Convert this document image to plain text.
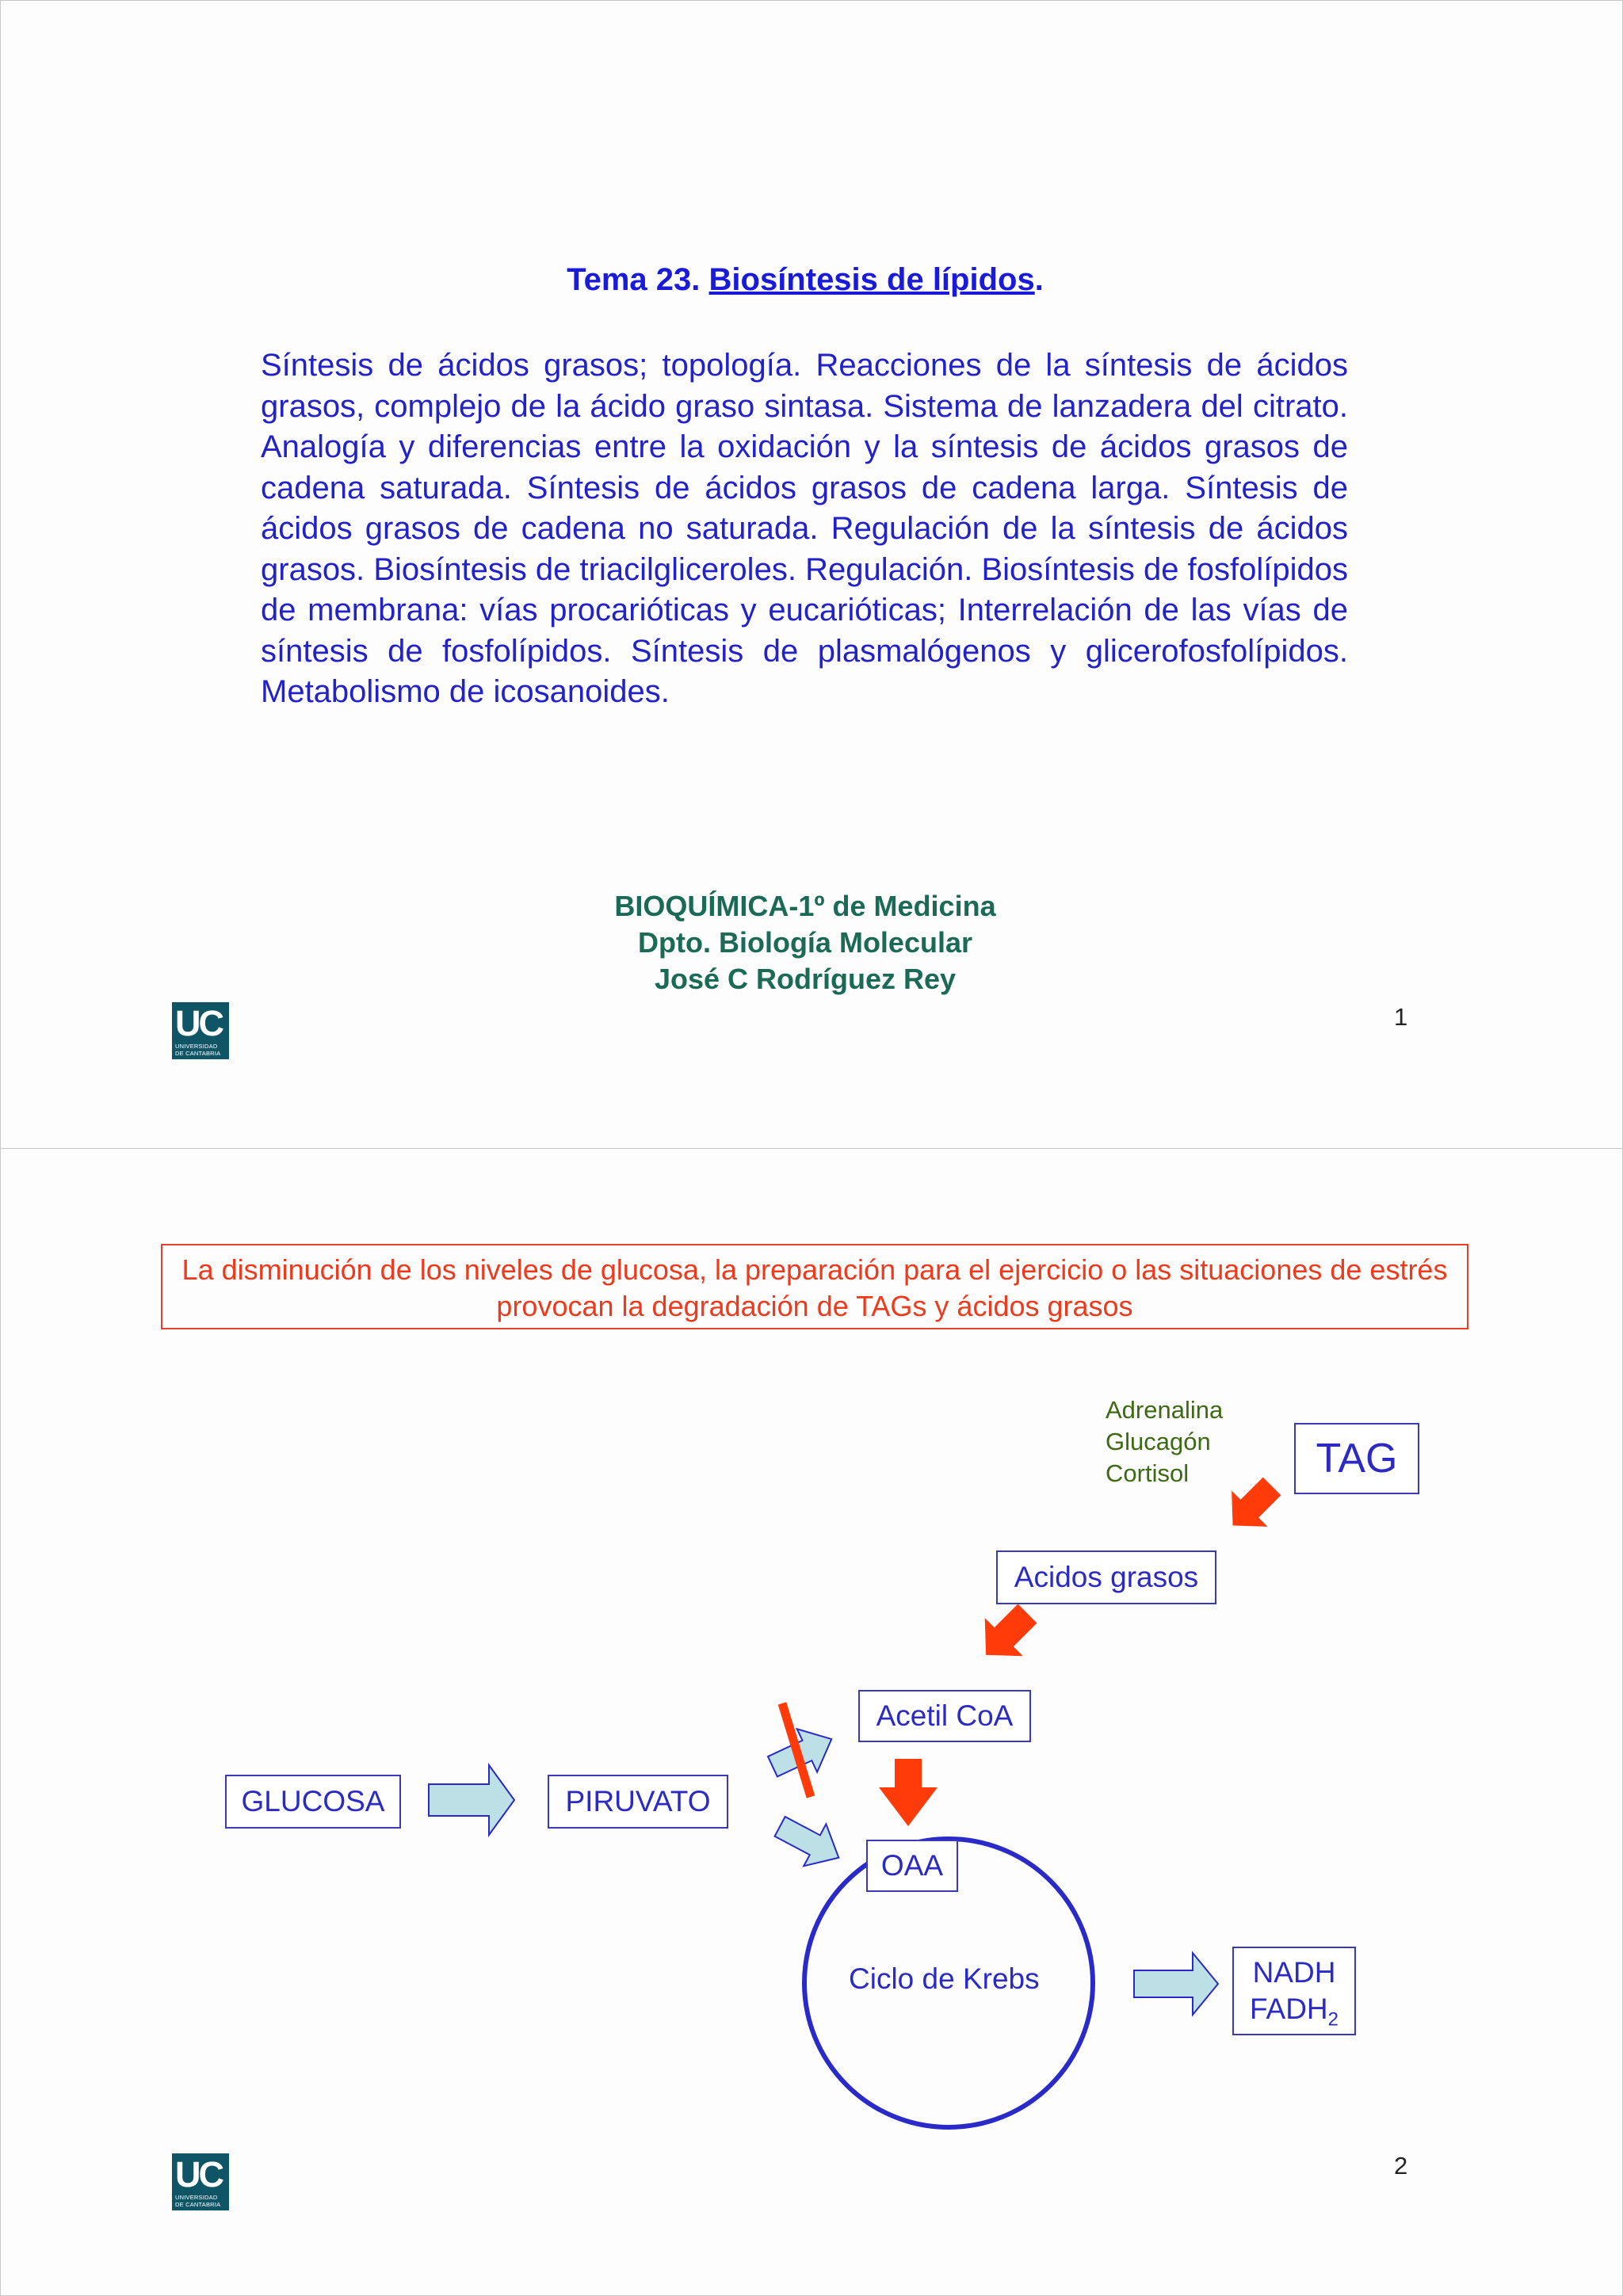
Tema 23. Biosíntesis de lípidos.
Síntesis de ácidos grasos; topología. Reacciones de la síntesis de ácidos grasos, complejo de la ácido graso sintasa. Sistema de lanzadera del citrato. Analogía y diferencias entre la oxidación y la síntesis de ácidos grasos de cadena saturada. Síntesis de ácidos grasos de cadena larga. Síntesis de ácidos grasos de cadena no saturada. Regulación de la síntesis de ácidos grasos. Biosíntesis de triacilgliceroles. Regulación. Biosíntesis de fosfolípidos de membrana: vías procarióticas y eucarióticas; Interrelación de las vías de síntesis de fosfolípidos. Síntesis de plasmalógenos y glicerofosfolípidos. Metabolismo de icosanoides.
BIOQUÍMICA-1º de Medicina
Dpto. Biología Molecular
José C Rodríguez Rey
UC
UNIVERSIDAD
DE CANTABRIA
1
La disminución de los niveles de glucosa, la preparación para el ejercicio o las situaciones de estrés provocan la degradación de TAGs y ácidos grasos
Adrenalina
Glucagón
Cortisol	TAG
Acidos grasos
Acetil CoA
GLUCOSA	PIRUVATO
OAA
Ciclo de Krebs	NADH
$FADH_2$
UC
UNIVERSIDAD
DE CANTABRIA
2
